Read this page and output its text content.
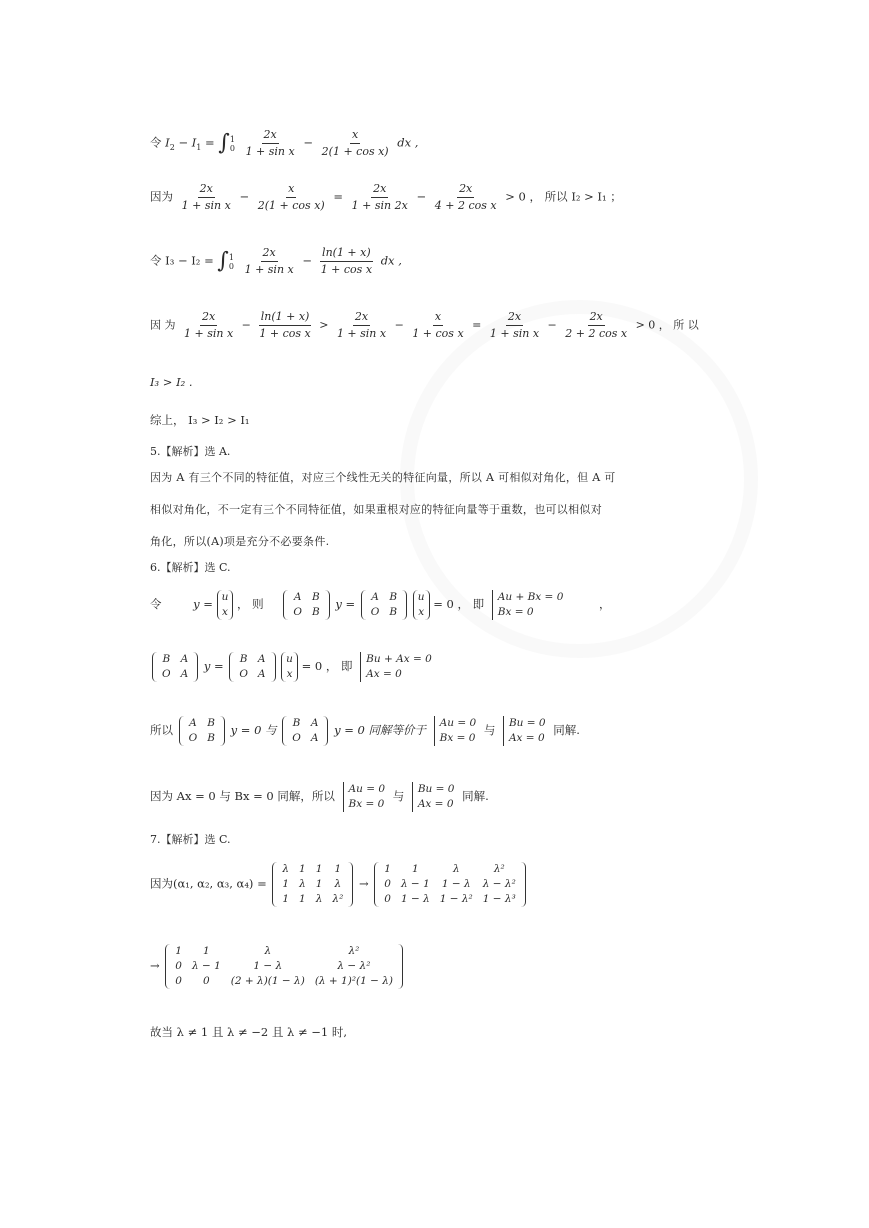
令 $I_2 - I_1 = \int 1$
$0 \frac{2x}{\text{1 + sin x}} - \frac{x}{\text{2(1 + cos x)}}$ dx ,
因为 $\frac{2x}{\text{1 + sin x}} - \frac{x}{\text{2(1 + cos x)}} = \frac{2x}{1 + \sin 2x} - \frac{2x}{\text{4 + 2 cos x}} > 0$ ， 所以 I₂ > I₁ ；
令 I₃ − I₂ = ∫1
$0 \frac{2x}{\text{1 + sin x}} - \frac{\ln(1 + x)}{\text{1 + cos x}}$ dx ,
因 为 $\frac{2x}{\text{1 + sin x}} - \frac{\ln(1 + x)}{\text{1 + cos x}} > \frac{2x}{\text{1 + sin x}} - \frac{x}{\text{1 + cos x}} = \frac{2x}{\text{1 + sin x}} - \frac{2x}{\text{2 + 2 cos x}} > 0$ ， 所 以
I₃ > I₂ .
综上， I₃ > I₂ > I₁
5.【解析】选 A.
因为 A 有三个不同的特征值，对应三个线性无关的特征向量，所以 A 可相似对角化，但 A 可
相似对角化，不一定有三个不同特征值，如果重根对应的特征向量等于重数，也可以相似对
角化，所以(A)项是充分不必要条件.
6.【解析】选 C.
令	y = u
x ， 则	A	B
O	B
y = A	B
O	B
u
x = 0 ， 即 Au + Bx = 0
Bx = 0 ，
B	A
O	A
y = B	A
O	A
u
x = 0 ， 即 Bu + Ax = 0
Ax = 0
所以 A	B
O	B
y = 0 与 B	A
O	A
y = 0 同解等价于 Au = 0
Bx = 0 与 Bu = 0
Ax = 0 同解.
因为 Ax = 0 与 Bx = 0 同解，所以 Au = 0
Bx = 0 与 Bu = 0
Ax = 0 同解.
7.【解析】选 C.
因为(α₁, α₂, α₃, α₄) =
λ	1	1	1
1	λ	1	λ
1	1	λ	λ²
→
1	1	λ	λ²
0	λ − 1	1 − λ	λ − λ²
0	1 − λ	1 − λ²	1 − λ³
→
1	1	λ	λ²
0	λ − 1	1 − λ	λ − λ²
0	0	(2 + λ)(1 − λ)	(λ + 1)²(1 − λ)
故当 λ ≠ 1 且 λ ≠ −2 且 λ ≠ −1 时,
